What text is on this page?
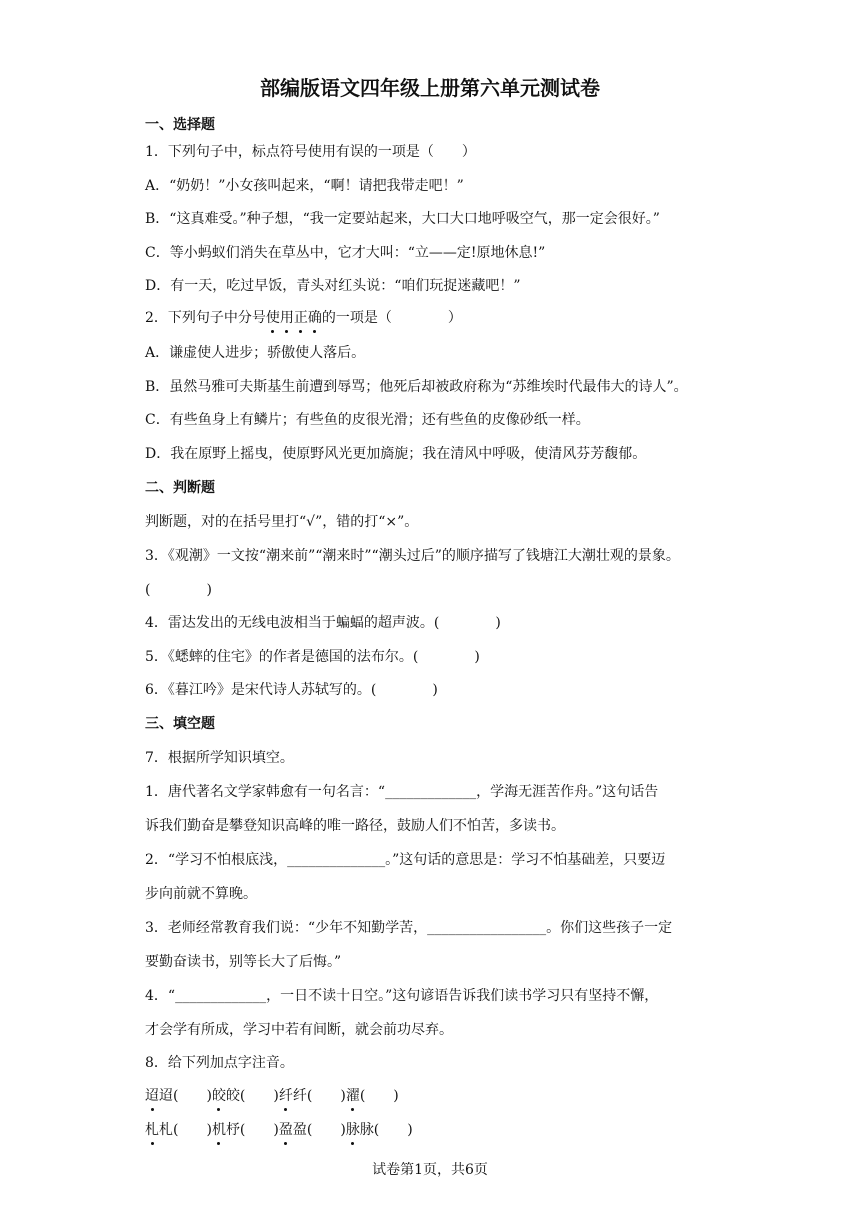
部编版语文四年级上册第六单元测试卷
一、选择题
1．下列句子中，标点符号使用有误的一项是（　　）
A．“奶奶！”小女孩叫起来，“啊！请把我带走吧！”
B．“这真难受。”种子想，“我一定要站起来，大口大口地呼吸空气，那一定会很好。”
C．等小蚂蚁们消失在草丛中，它才大叫：“立——定!原地休息!”
D．有一天，吃过早饭，青头对红头说：“咱们玩捉迷藏吧！”
2．下列句子中分号使用正确的一项是（　　　　）
A．谦虚使人进步；骄傲使人落后。
B．虽然马雅可夫斯基生前遭到辱骂；他死后却被政府称为“苏维埃时代最伟大的诗人”。
C．有些鱼身上有鳞片；有些鱼的皮很光滑；还有些鱼的皮像砂纸一样。
D．我在原野上摇曳，使原野风光更加旖旎；我在清风中呼吸，使清风芬芳馥郁。
二、判断题
判断题，对的在括号里打“√”，错的打“×”。
3．《观潮》一文按“潮来前”“潮来时”“潮头过后”的顺序描写了钱塘江大潮壮观的景象。
(　　　　)
4．雷达发出的无线电波相当于蝙蝠的超声波。(　　　　)
5．《蟋蟀的住宅》的作者是德国的法布尔。(　　　　)
6．《暮江吟》是宋代诗人苏轼写的。(　　　　)
三、填空题
7．根据所学知识填空。
1．唐代著名文学家韩愈有一句名言：“_____________，学海无涯苦作舟。”这句话告
诉我们勤奋是攀登知识高峰的唯一路径，鼓励人们不怕苦，多读书。
2．“学习不怕根底浅，______________。”这句话的意思是：学习不怕基础差，只要迈
步向前就不算晚。
3．老师经常教育我们说：“少年不知勤学苦，_________________。你们这些孩子一定
要勤奋读书，别等长大了后悔。”
4．“_____________，一日不读十日空。”这句谚语告诉我们读书学习只有坚持不懈，
才会学有所成，学习中若有间断，就会前功尽弃。
8．给下列加点字注音。
迢迢(　　)皎皎(　　)纤纤(　　)濯(　　)
札札(　　)机杼(　　)盈盈(　　)脉脉(　　)
试卷第1页，共6页
